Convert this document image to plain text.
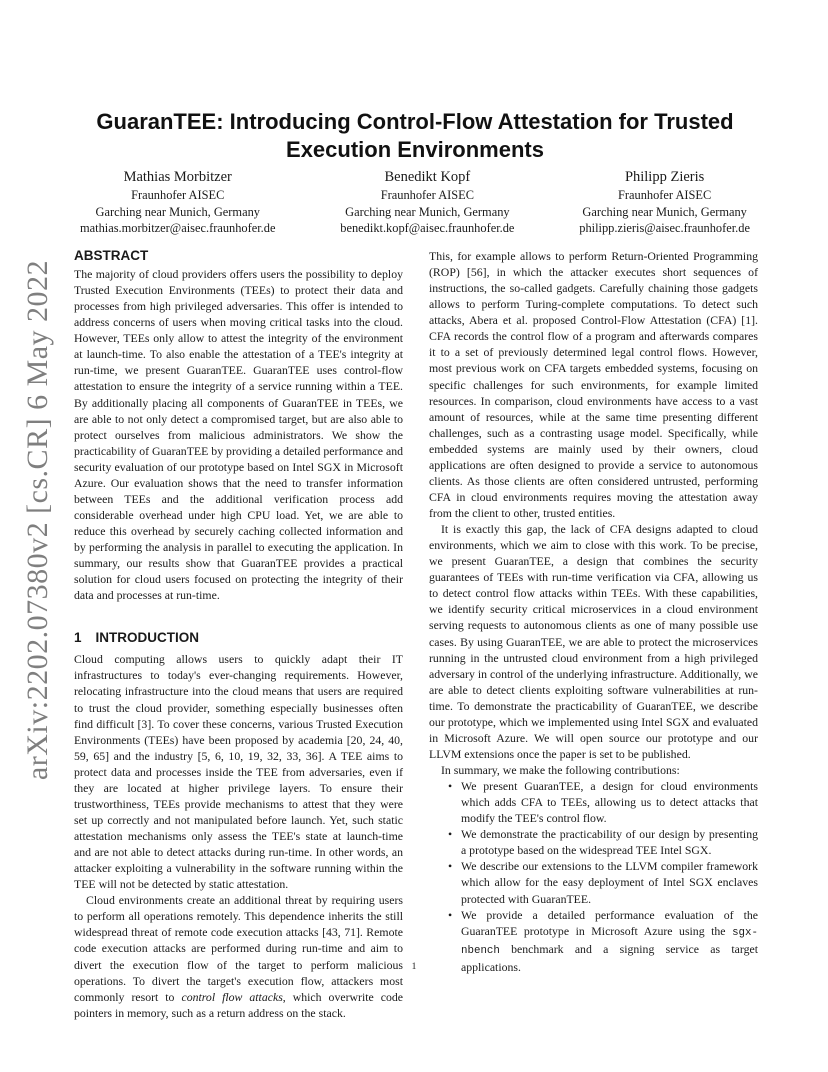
arXiv:2202.07380v2 [cs.CR] 6 May 2022
GuaranTEE: Introducing Control-Flow Attestation for Trusted Execution Environments
Mathias Morbitzer
Fraunhofer AISEC
Garching near Munich, Germany
mathias.morbitzer@aisec.fraunhofer.de
Benedikt Kopf
Fraunhofer AISEC
Garching near Munich, Germany
benedikt.kopf@aisec.fraunhofer.de
Philipp Zieris
Fraunhofer AISEC
Garching near Munich, Germany
philipp.zieris@aisec.fraunhofer.de
ABSTRACT

The majority of cloud providers offers users the possibility to deploy Trusted Execution Environments (TEEs) to protect their data and processes from high privileged adversaries. This offer is intended to address concerns of users when moving critical tasks into the cloud. However, TEEs only allow to attest the integrity of the environment at launch-time. To also enable the attestation of a TEE's integrity at run-time, we present GuaranTEE. GuaranTEE uses control-flow attestation to ensure the integrity of a service running within a TEE. By additionally placing all components of GuaranTEE in TEEs, we are able to not only detect a compromised target, but are also able to protect ourselves from malicious administrators. We show the practicability of GuaranTEE by providing a detailed performance and security evaluation of our prototype based on Intel SGX in Microsoft Azure. Our evaluation shows that the need to transfer information between TEEs and the additional verification process add considerable overhead under high CPU load. Yet, we are able to reduce this overhead by securely caching collected information and by performing the analysis in parallel to executing the application. In summary, our results show that GuaranTEE provides a practical solution for cloud users focused on protecting the integrity of their data and processes at run-time.

1 INTRODUCTION

Cloud computing allows users to quickly adapt their IT infrastructures to today's ever-changing requirements. However, relocating infrastructure into the cloud means that users are required to trust the cloud provider, something especially businesses often find difficult [3]. To cover these concerns, various Trusted Execution Environments (TEEs) have been proposed by academia [20, 24, 40, 59, 65] and the industry [5, 6, 10, 19, 32, 33, 36]. A TEE aims to protect data and processes inside the TEE from adversaries, even if they are located at higher privilege layers. To ensure their trustworthiness, TEEs provide mechanisms to attest that they were set up correctly and not manipulated before launch. Yet, such static attestation mechanisms only assess the TEE's state at launch-time and are not able to detect attacks during run-time. In other words, an attacker exploiting a vulnerability in the software running within the TEE will not be detected by static attestation.

Cloud environments create an additional threat by requiring users to perform all operations remotely. This dependence inherits the still widespread threat of remote code execution attacks [43, 71]. Remote code execution attacks are performed during run-time and aim to divert the execution flow of the target to perform malicious operations. To divert the target's execution flow, attackers most commonly resort to control flow attacks, which overwrite code pointers in memory, such as a return address on the stack.

This, for example allows to perform Return-Oriented Programming (ROP) [56], in which the attacker executes short sequences of instructions, the so-called gadgets. Carefully chaining those gadgets allows to perform Turing-complete computations. To detect such attacks, Abera et al. proposed Control-Flow Attestation (CFA) [1]. CFA records the control flow of a program and afterwards compares it to a set of previously determined legal control flows. However, most previous work on CFA targets embedded systems, focusing on specific challenges for such environments, for example limited resources. In comparison, cloud environments have access to a vast amount of resources, while at the same time presenting different challenges, such as a contrasting usage model. Specifically, while embedded systems are mainly used by their owners, cloud applications are often designed to provide a service to autonomous clients. As those clients are often considered untrusted, performing CFA in cloud environments requires moving the attestation away from the client to other, trusted entities.

It is exactly this gap, the lack of CFA designs adapted to cloud environments, which we aim to close with this work. To be precise, we present GuaranTEE, a design that combines the security guarantees of TEEs with run-time verification via CFA, allowing us to detect control flow attacks within TEEs. With these capabilities, we identify security critical microservices in a cloud environment serving requests to autonomous clients as one of many possible use cases. By using GuaranTEE, we are able to protect the microservices running in the untrusted cloud environment from a high privileged adversary in control of the underlying infrastructure. Additionally, we are able to detect clients exploiting software vulnerabilities at run-time. To demonstrate the practicability of GuaranTEE, we describe our prototype, which we implemented using Intel SGX and evaluated in Microsoft Azure. We will open source our prototype and our LLVM extensions once the paper is set to be published.

In summary, we make the following contributions:

• We present GuaranTEE, a design for cloud environments which adds CFA to TEEs, allowing us to detect attacks that modify the TEE's control flow.
• We demonstrate the practicability of our design by presenting a prototype based on the widespread TEE Intel SGX.
• We describe our extensions to the LLVM compiler framework which allow for the easy deployment of Intel SGX enclaves protected with GuaranTEE.
• We provide a detailed performance evaluation of the GuaranTEE prototype in Microsoft Azure using the sgx-nbench benchmark and a signing service as target applications.
1
